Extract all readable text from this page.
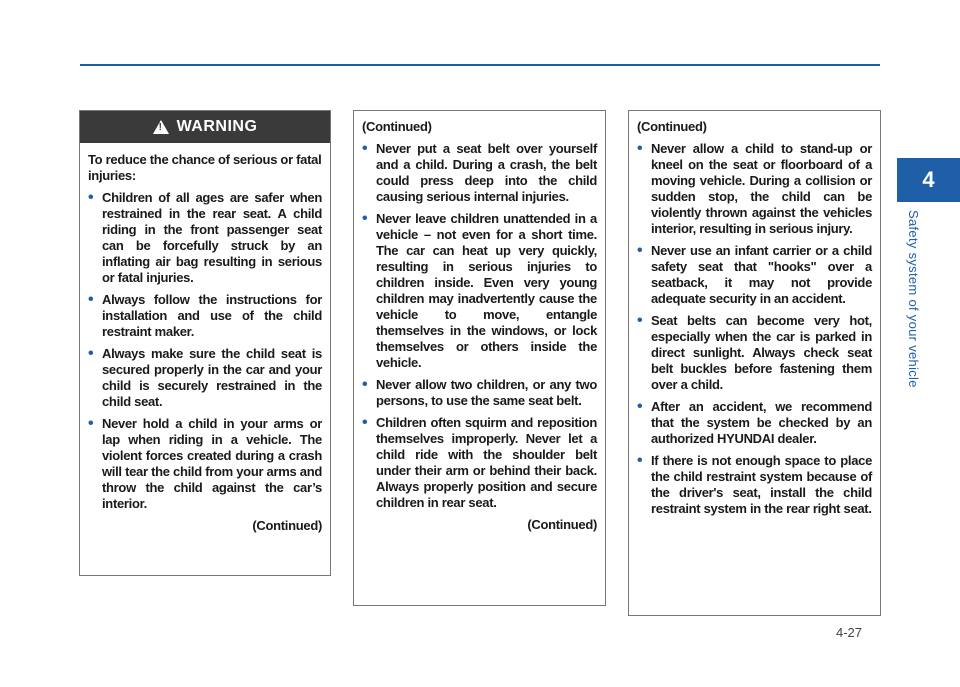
4
Safety system of your vehicle
!
WARNING

To reduce the chance of serious or fatal injuries:

• Children of all ages are safer when restrained in the rear seat. A child riding in the front passenger seat can be forcefully struck by an inflating air bag resulting in serious or fatal injuries.

• Always follow the instructions for installation and use of the child restraint maker.

• Always make sure the child seat is secured properly in the car and your child is securely restrained in the child seat.

• Never hold a child in your arms or lap when riding in a vehicle. The violent forces created during a crash will tear the child from your arms and throw the child against the car’s interior.

(Continued)

(Continued)

• Never put a seat belt over yourself and a child. During a crash, the belt could press deep into the child causing serious internal injuries.

• Never leave children unattended in a vehicle – not even for a short time. The car can heat up very quickly, resulting in serious injuries to children inside. Even very young children may inadvertently cause the vehicle to move, entangle themselves in the windows, or lock themselves or others inside the vehicle.

• Never allow two children, or any two persons, to use the same seat belt.

• Children often squirm and reposition themselves improperly. Never let a child ride with the shoulder belt under their arm or behind their back. Always properly position and secure children in rear seat.

(Continued)

(Continued)

• Never allow a child to stand-up or kneel on the seat or floorboard of a moving vehicle. During a collision or sudden stop, the child can be violently thrown against the vehicles interior, resulting in serious injury.

• Never use an infant carrier or a child safety seat that "hooks" over a seatback, it may not provide adequate security in an accident.

• Seat belts can become very hot, especially when the car is parked in direct sunlight. Always check seat belt buckles before fastening them over a child.

• After an accident, we recommend that the system be checked by an authorized HYUNDAI dealer.

• If there is not enough space to place the child restraint system because of the driver's seat, install the child restraint system in the rear right seat.

4-27
